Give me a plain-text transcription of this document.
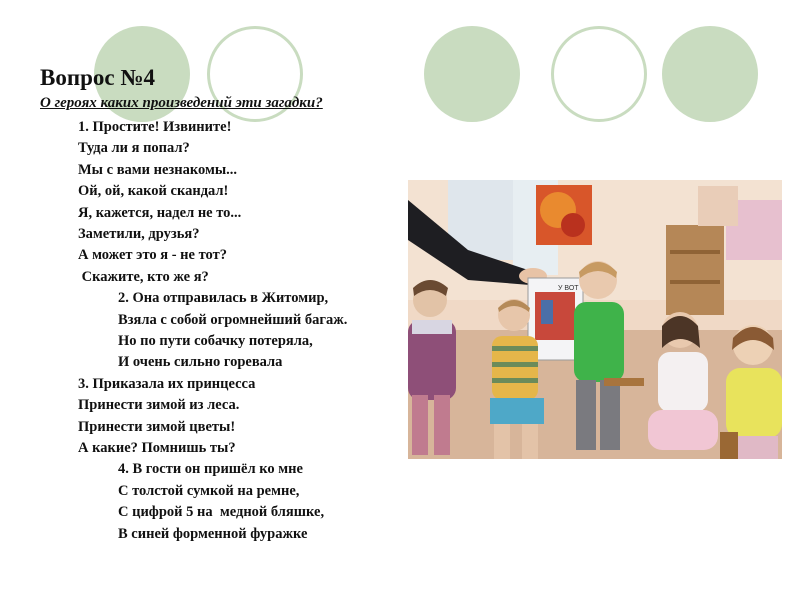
Вопрос №4

О героях каких произведений эти загадки?

1. Простите! Извините!
Туда ли я попал?
Мы с вами незнакомы...
Ой, ой, какой скандал!
Я, кажется, надел не то...
Заметили, друзья?
А может это я - не тот?
Скажите, кто же я?
2. Она отправилась в Житомир,
Взяла с собой огромнейший багаж.
Но по пути собачку потеряла,
И очень сильно горевала
3. Приказала их принцесса
Принести зимой из леса.
Принести зимой цветы!
А какие? Помнишь ты?
4. В гости он пришёл ко мне
С толстой сумкой на ремне,
С цифрой 5 на  медной бляшке,
В синей форменной фуражке
У ВОТ
